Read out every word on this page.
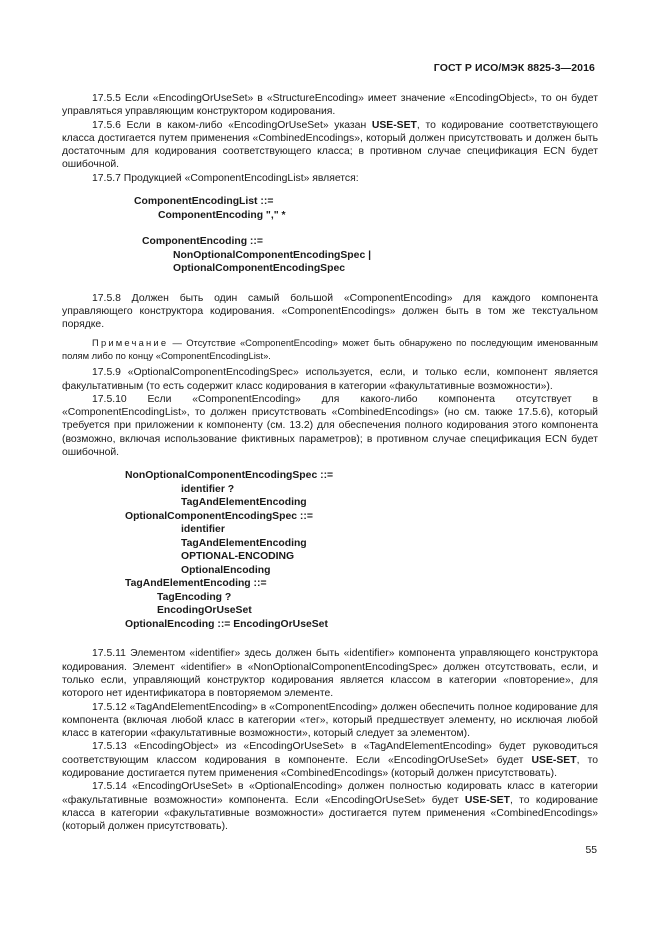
ГОСТ Р ИСО/МЭК 8825-3—2016

17.5.5 Если «EncodingOrUseSet» в «StructureEncoding» имеет значение «EncodingObject», то он будет управляться управляющим конструктором кодирования.

17.5.6 Если в каком-либо «EncodingOrUseSet» указан USE-SET, то кодирование соответствующего класса достигается путем применения «CombinedEncodings», который должен присутствовать и должен быть достаточным для кодирования соответствующего класса; в противном случае спецификация ECN будет ошибочной.

17.5.7 Продукцией «ComponentEncodingList» является:

ComponentEncodingList ::=
ComponentEncoding "," *
ComponentEncoding ::=
NonOptionalComponentEncodingSpec |
OptionalComponentEncodingSpec

17.5.8 Должен быть один самый большой «ComponentEncoding» для каждого компонента управляющего конструктора кодирования. «ComponentEncodings» должен быть в том же текстуальном порядке.

Примечание — Отсутствие «ComponentEncoding» может быть обнаружено по последующим именованным полям либо по концу «ComponentEncodingList».

17.5.9 «OptionalComponentEncodingSpec» используется, если, и только если, компонент является факультативным (то есть содержит класс кодирования в категории «факультативные возможности»).

17.5.10 Если «ComponentEncoding» для какого-либо компонента отсутствует в «ComponentEncodingList», то должен присутствовать «CombinedEncodings» (но см. также 17.5.6), который требуется при приложении к компоненту (см. 13.2) для обеспечения полного кодирования этого компонента (возможно, включая использование фиктивных параметров); в противном случае спецификация ECN будет ошибочной.

NonOptionalComponentEncodingSpec ::=
identifier ?
TagAndElementEncoding
OptionalComponentEncodingSpec ::=
identifier
TagAndElementEncoding
OPTIONAL-ENCODING
OptionalEncoding
TagAndElementEncoding ::=
TagEncoding ?
EncodingOrUseSet
OptionalEncoding ::= EncodingOrUseSet

17.5.11 Элементом «identifier» здесь должен быть «identifier» компонента управляющего конструктора кодирования. Элемент «identifier» в «NonOptionalComponentEncodingSpec» должен отсутствовать, если, и только если, управляющий конструктор кодирования является классом в категории «повторение», для которого нет идентификатора в повторяемом элементе.

17.5.12 «TagAndElementEncoding» в «ComponentEncoding» должен обеспечить полное кодирование для компонента (включая любой класс в категории «тег», который предшествует элементу, но исключая любой класс в категории «факультативные возможности», который следует за элементом).

17.5.13 «EncodingObject» из «EncodingOrUseSet» в «TagAndElementEncoding» будет руководиться соответствующим классом кодирования в компоненте. Если «EncodingOrUseSet» будет USE-SET, то кодирование достигается путем применения «CombinedEncodings» (который должен присутствовать).

17.5.14 «EncodingOrUseSet» в «OptionalEncoding» должен полностью кодировать класс в категории «факультативные возможности» компонента. Если «EncodingOrUseSet» будет USE-SET, то кодирование класса в категории «факультативные возможности» достигается путем применения «CombinedEncodings» (который должен присутствовать).

55
